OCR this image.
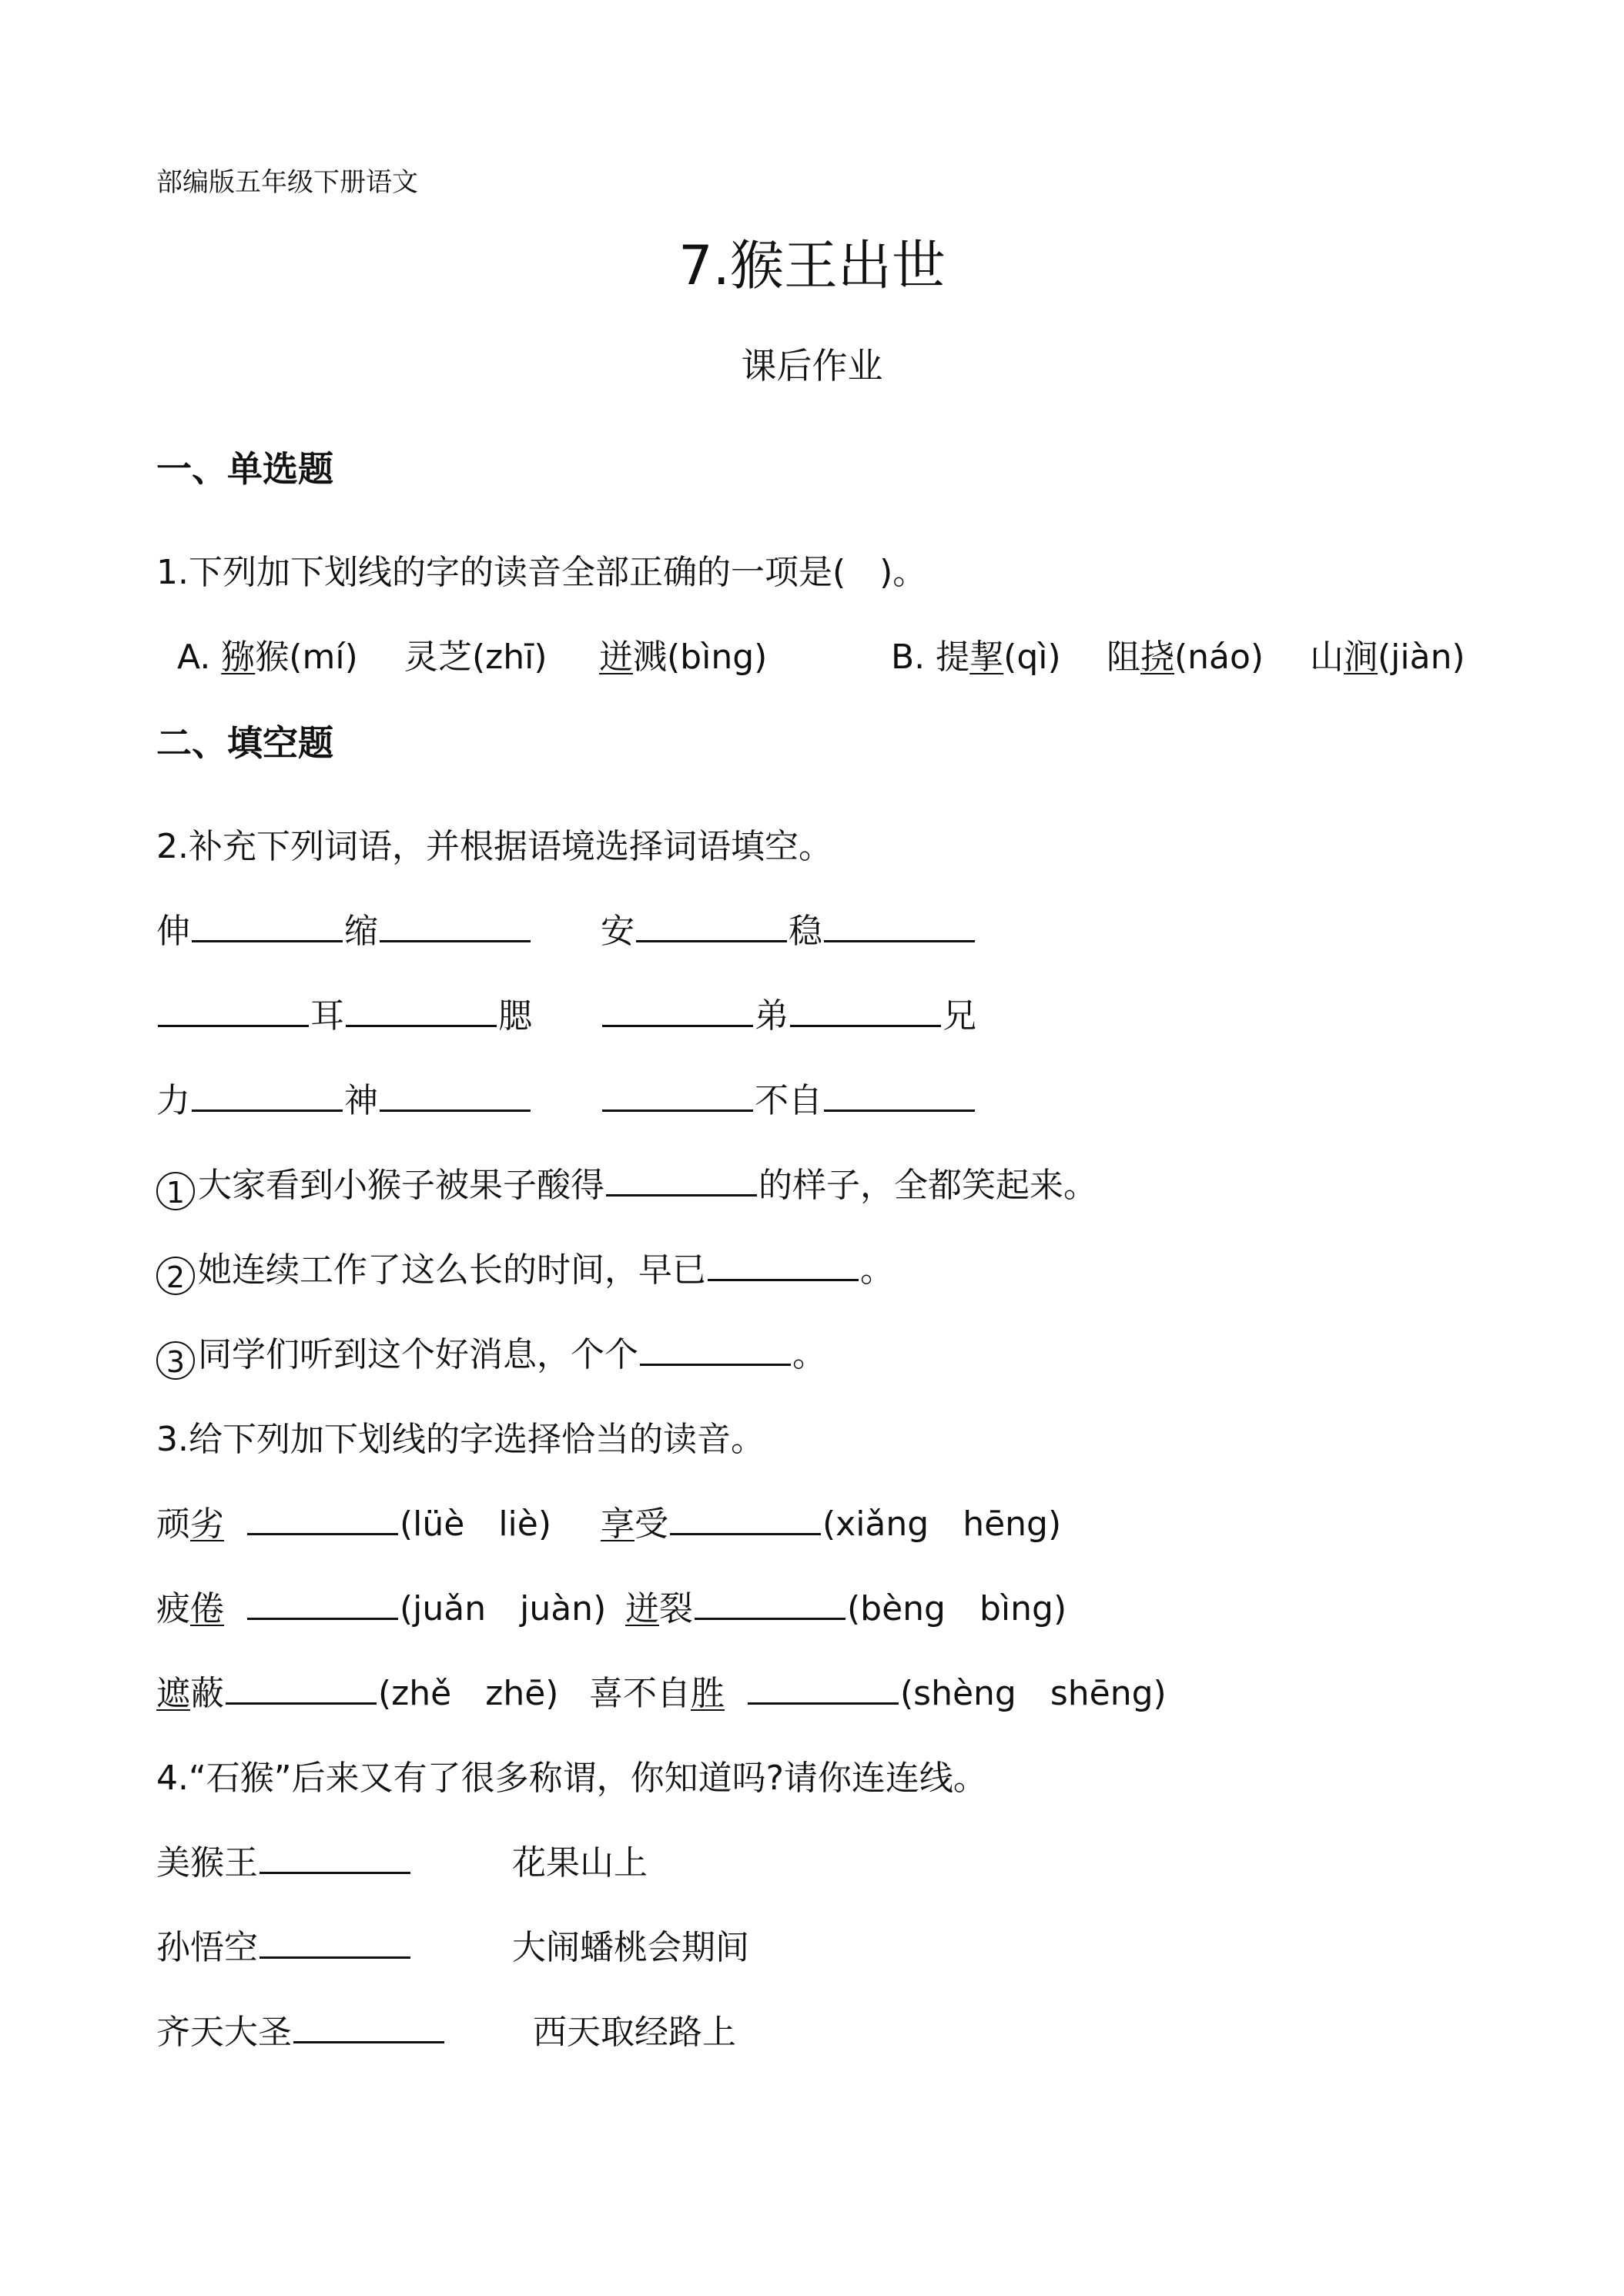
部编版五年级下册语文
7.猴王出世
课后作业
一、单选题
1.下列加下划线的字的读音全部正确的一项是(　)。
A. 猕猴(mí) 灵芝(zhī) 迸溅(bìng)	B. 提挈(qì) 阻挠(náo) 山涧(jiàn)
二、填空题
2.补充下列词语，并根据语境选择词语填空。
伸	缩	安	稳
耳	腮	弟	兄
力	神	不自
1 大家看到小猴子被果子酸得	的样子，全都笑起来。
2 她连续工作了这么长的时间，早已	。
3 同学们听到这个好消息，个个	。
3.给下列加下划线的字选择恰当的读音。
顽劣	(lüè　liè) 享受	(xiǎng　hēng)
疲倦	(juǎn　juàn) 迸裂	(bèng　bìng)
遮蔽	(zhě　zhē) 喜不自胜	(shèng　shēng)
4.“石猴”后来又有了很多称谓，你知道吗?请你连连线。
美猴王	花果山上
孙悟空	大闹蟠桃会期间
齐天大圣	西天取经路上
